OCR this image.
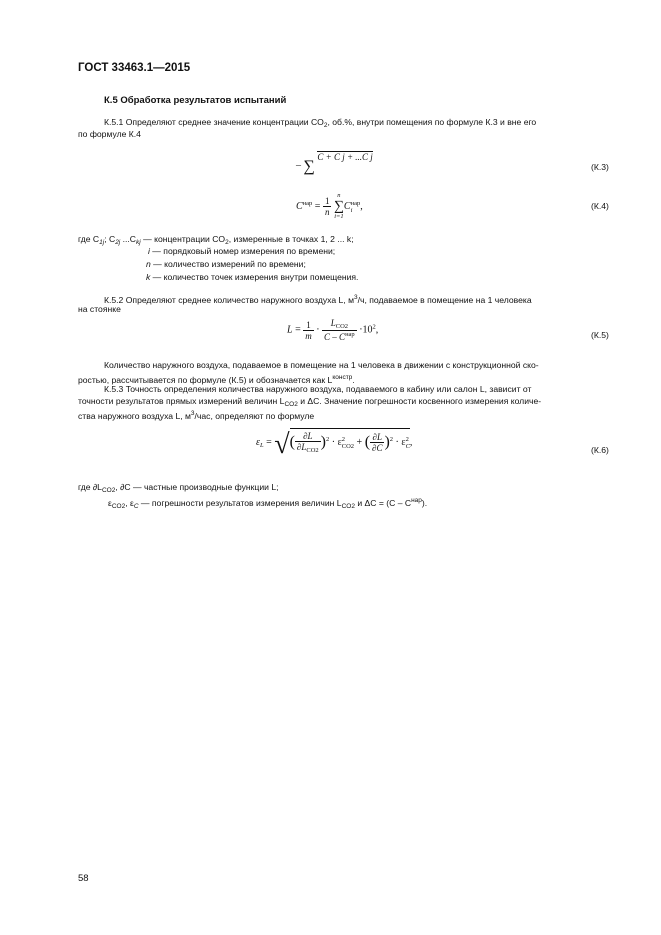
ГОСТ 33463.1—2015
К.5 Обработка результатов испытаний
К.5.1 Определяют среднее значение концентрации $CO_2$, об.%, внутри помещения по формуле К.3 и вне его
по формуле К.4
– ∑ C + C j + ...C j
(К.3)
$C^{нар} = \frac{1}{n}$

n
∑
i=1
C нар
i ,	(К.4)
где $C_{1j}$; $C_{2j}$ $...C_{kj}$ — концентрации $CO_2$, измеренные в точках 1, 2 ... k;
i — порядковый номер измерения по времени;
n — количество измерений по времени;
k — количество точек измерения внутри помещения.
К.5.2 Определяют среднее количество наружного воздуха L, $м^3/ч$, подаваемое в помещение на 1 человека
на стоянке
$L = \frac{1}{m} \cdot \frac{L_{CO2}}{C - C^{нар}} \cdot 10^2$,	(К.5)
Количество наружного воздуха, подаваемое в помещение на 1 человека в движении с конструкционной ско-
ростью, рассчитывается по формуле (К.5) и обозначается как $L^{констр}$.
К.5.3 Точность определения количества наружного воздуха, подаваемого в кабину или салон L, зависит от
точности результатов прямых измерений величин $L_{CO2}$ и ΔC. Значение погрешности косвенного измерения количе-
ства наружного воздуха L, $м^3$/час, определяют по формуле
$\varepsilon_L$ = √( $\frac{\partial L}{\partial L_{CO2}} )^2 \cdot \varepsilon$ 2
CO2 + ( $\frac{\partial L}{\partial C} )^2 \cdot \varepsilon$ 2
C ,
(К.6)
где $\partial L_{CO2}$, ∂C — частные производные функции L;
$\varepsilon_{CO2}$, $\varepsilon_C$ — погрешности результатов измерения величин $L_{CO2}$ и $\Delta C = (C - C^{нар})$.
58
